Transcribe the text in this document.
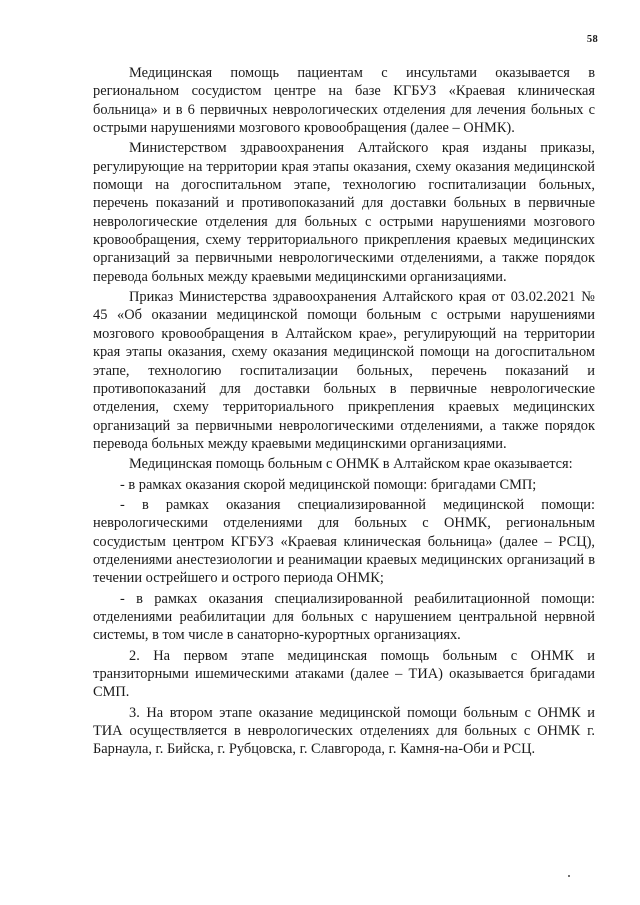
58

Медицинская помощь пациентам с инсультами оказывается в региональном сосудистом центре на базе КГБУЗ «Краевая клиническая больница» и в 6 первичных неврологических отделения для лечения больных с острыми нарушениями мозгового кровообращения (далее – ОНМК).

Министерством здравоохранения Алтайского края изданы приказы, регулирующие на территории края этапы оказания, схему оказания медицинской помощи на догоспитальном этапе, технологию госпитализации больных, перечень показаний и противопоказаний для доставки больных в первичные неврологические отделения для больных с острыми нарушениями мозгового кровообращения, схему территориального прикрепления краевых медицинских организаций за первичными неврологическими отделениями, а также порядок перевода больных между краевыми медицинскими организациями.

Приказ Министерства здравоохранения Алтайского края от 03.02.2021 № 45 «Об оказании медицинской помощи больным с острыми нарушениями мозгового кровообращения в Алтайском крае», регулирующий на территории края этапы оказания, схему оказания медицинской помощи на догоспитальном этапе, технологию госпитализации больных, перечень показаний и противопоказаний для доставки больных в первичные неврологические отделения, схему территориального прикрепления краевых медицинских организаций за первичными неврологическими отделениями, а также порядок перевода больных между краевыми медицинскими организациями.

Медицинская помощь больным с ОНМК в Алтайском крае оказывается:

- в рамках оказания скорой медицинской помощи: бригадами СМП;

- в рамках оказания специализированной медицинской помощи: неврологическими отделениями для больных с ОНМК, региональным сосудистым центром КГБУЗ «Краевая клиническая больница» (далее – РСЦ), отделениями анестезиологии и реанимации краевых медицинских организаций в течении острейшего и острого периода ОНМК;

- в рамках оказания специализированной реабилитационной помощи: отделениями реабилитации для больных с нарушением центральной нервной системы, в том числе в санаторно-курортных организациях.

2. На первом этапе медицинская помощь больным с ОНМК и транзиторными ишемическими атаками (далее – ТИА) оказывается бригадами СМП.

3. На втором этапе оказание медицинской помощи больным с ОНМК и ТИА осуществляется в неврологических отделениях для больных с ОНМК г. Барнаула, г. Бийска, г. Рубцовска, г. Славгорода, г. Камня-на-Оби и РСЦ.
